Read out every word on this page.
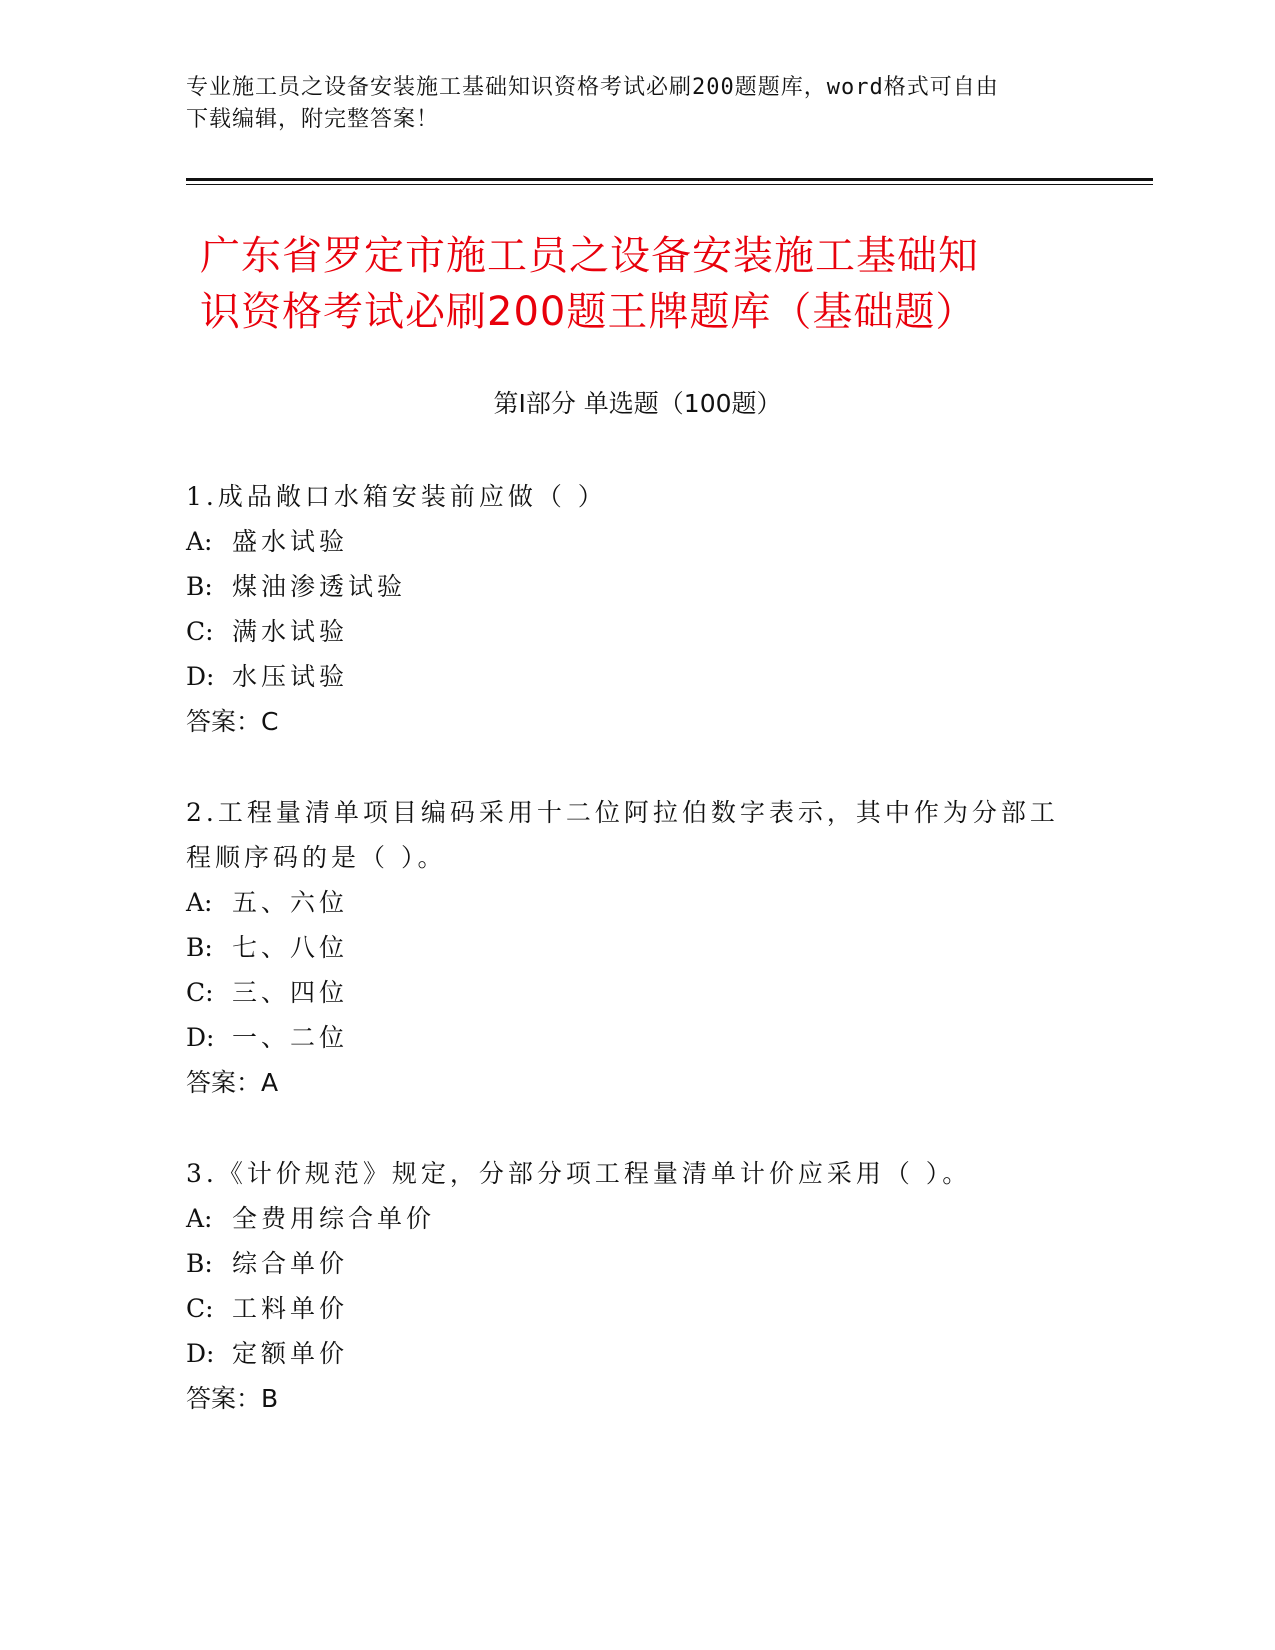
专业施工员之设备安装施工基础知识资格考试必刷200题题库，word格式可自由
下载编辑，附完整答案！
广东省罗定市施工员之设备安装施工基础知
识资格考试必刷200题王牌题库（基础题）
第Ⅰ部分 单选题（100题）
1.成品敞口水箱安装前应做（ ）
A: 盛水试验
B: 煤油渗透试验
C: 满水试验
D: 水压试验
答案：C
2.工程量清单项目编码采用十二位阿拉伯数字表示，其中作为分部工
程顺序码的是（ ）。
A: 五、六位
B: 七、八位
C: 三、四位
D: 一、二位
答案：A
3.《计价规范》规定，分部分项工程量清单计价应采用（ ）。
A: 全费用综合单价
B: 综合单价
C: 工料单价
D: 定额单价
答案：B
